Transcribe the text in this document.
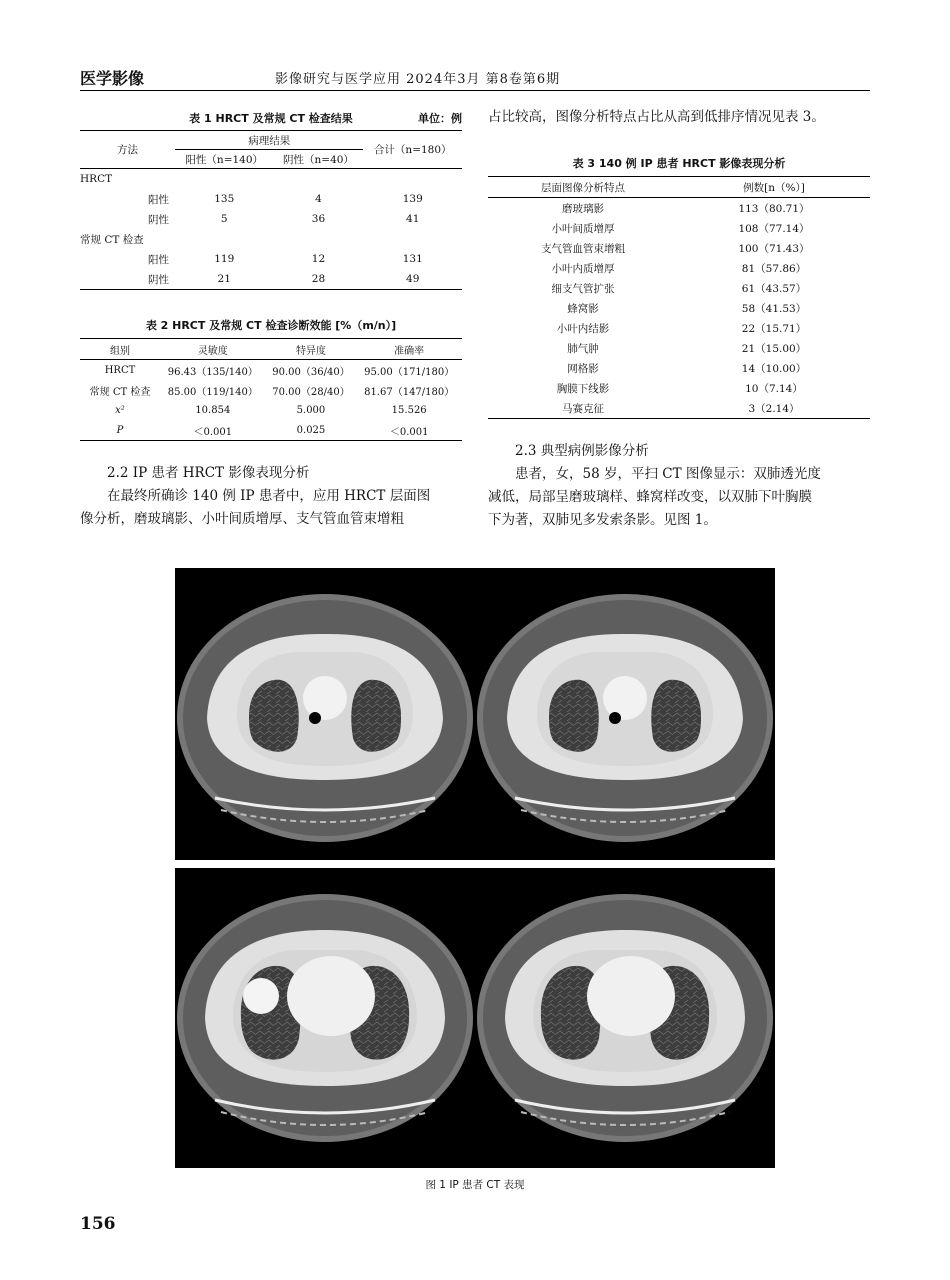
医学影像	影像研究与医学应用 2024年3月 第8卷第6期
表 1 HRCT 及常规 CT 检查结果	单位：例
方法	病理结果		合计（n=180）
	阳性（n=140）	阴性（n=40）	
HRCT			
阳性	135	4	139
阴性	5	36	41
常规 CT 检查			
阳性	119	12	131
阴性	21	28	49
表 2 HRCT 及常规 CT 检查诊断效能 [%（m/n）]
组别	灵敏度	特异度	准确率
HRCT	96.43（135/140）	90.00（36/40）	95.00（171/180）
常规 CT 检查	85.00（119/140）	70.00（28/40）	81.67（147/180）
x²	10.854	5.000	15.526
P	＜0.001	0.025	＜0.001
2.2 IP 患者 HRCT 影像表现分析
在最终所确诊 140 例 IP 患者中，应用 HRCT 层面图
像分析，磨玻璃影、小叶间质增厚、支气管血管束增粗
占比较高，图像分析特点占比从高到低排序情况见表 3。
表 3 140 例 IP 患者 HRCT 影像表现分析
层面图像分析特点	例数[n（%）]
磨玻璃影	113（80.71）
小叶间质增厚	108（77.14）
支气管血管束增粗	100（71.43）
小叶内质增厚	81（57.86）
细支气管扩张	61（43.57）
蜂窝影	58（41.53）
小叶内结影	22（15.71）
肺气肿	21（15.00）
网格影	14（10.00）
胸膜下线影	10（7.14）
马赛克征	3（2.14）
2.3 典型病例影像分析
患者，女，58 岁，平扫 CT 图像显示：双肺透光度
减低，局部呈磨玻璃样、蜂窝样改变，以双肺下叶胸膜
下为著，双肺见多发索条影。见图 1。
图 1 IP 患者 CT 表现
156
